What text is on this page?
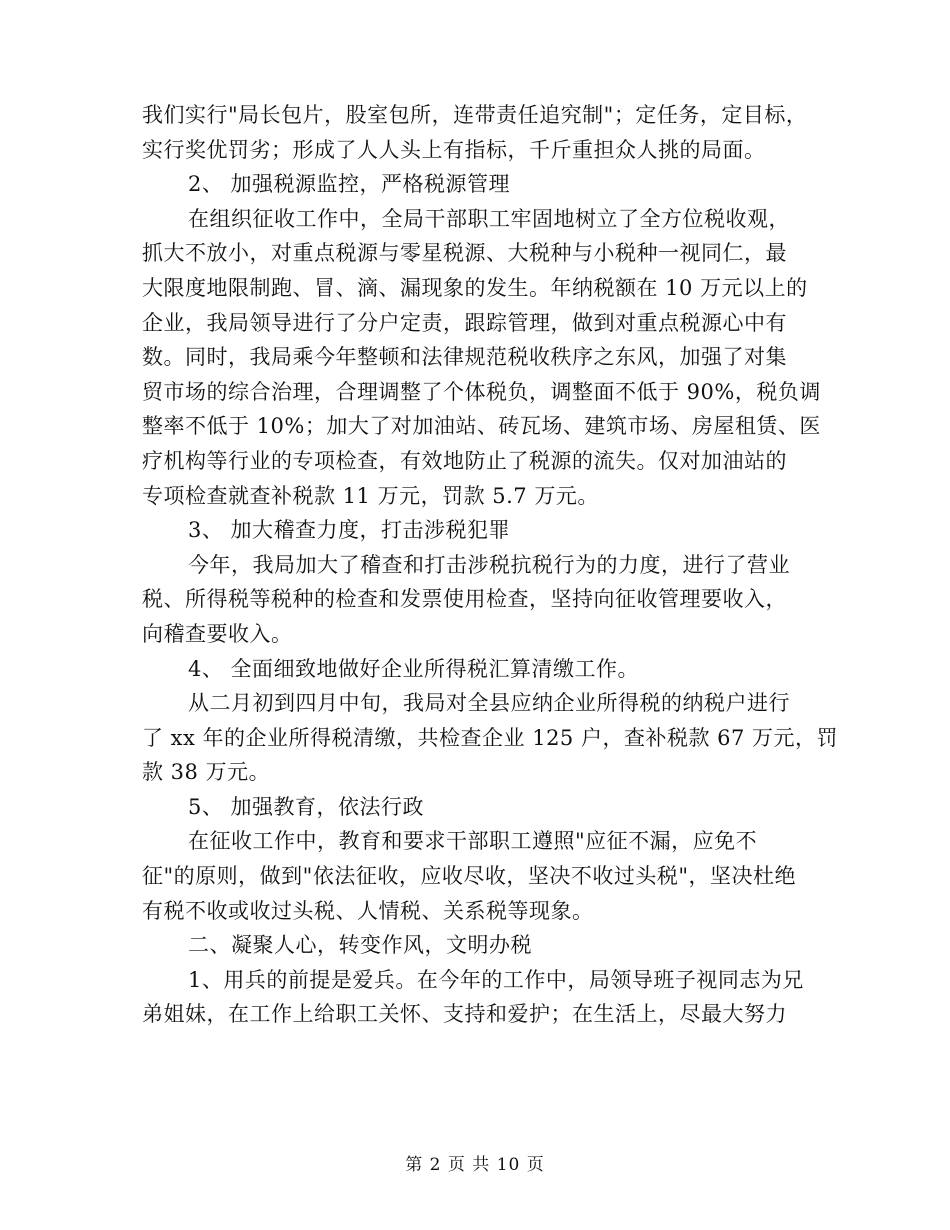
我们实行"局长包片，股室包所，连带责任追究制"；定任务，定目标，
实行奖优罚劣；形成了人人头上有指标，千斤重担众人挑的局面。
2、 加强税源监控，严格税源管理
在组织征收工作中，全局干部职工牢固地树立了全方位税收观，
抓大不放小，对重点税源与零星税源、大税种与小税种一视同仁，最
大限度地限制跑、冒、滴、漏现象的发生。年纳税额在 10 万元以上的
企业，我局领导进行了分户定责，跟踪管理，做到对重点税源心中有
数。同时，我局乘今年整顿和法律规范税收秩序之东风，加强了对集
贸市场的综合治理，合理调整了个体税负，调整面不低于 90%，税负调
整率不低于 10%；加大了对加油站、砖瓦场、建筑市场、房屋租赁、医
疗机构等行业的专项检查，有效地防止了税源的流失。仅对加油站的
专项检查就查补税款 11 万元，罚款 5.7 万元。
3、 加大稽查力度，打击涉税犯罪
今年，我局加大了稽查和打击涉税抗税行为的力度，进行了营业
税、所得税等税种的检查和发票使用检查，坚持向征收管理要收入，
向稽查要收入。
4、 全面细致地做好企业所得税汇算清缴工作。
从二月初到四月中旬，我局对全县应纳企业所得税的纳税户进行
了 xx 年的企业所得税清缴，共检查企业 125 户，查补税款 67 万元，罚
款 38 万元。
5、 加强教育，依法行政
在征收工作中，教育和要求干部职工遵照"应征不漏，应免不
征"的原则，做到"依法征收，应收尽收，坚决不收过头税"，坚决杜绝
有税不收或收过头税、人情税、关系税等现象。
二、凝聚人心，转变作风，文明办税
1、用兵的前提是爱兵。在今年的工作中，局领导班子视同志为兄
弟姐妹，在工作上给职工关怀、支持和爱护；在生活上，尽最大努力
第 2 页 共 10 页
